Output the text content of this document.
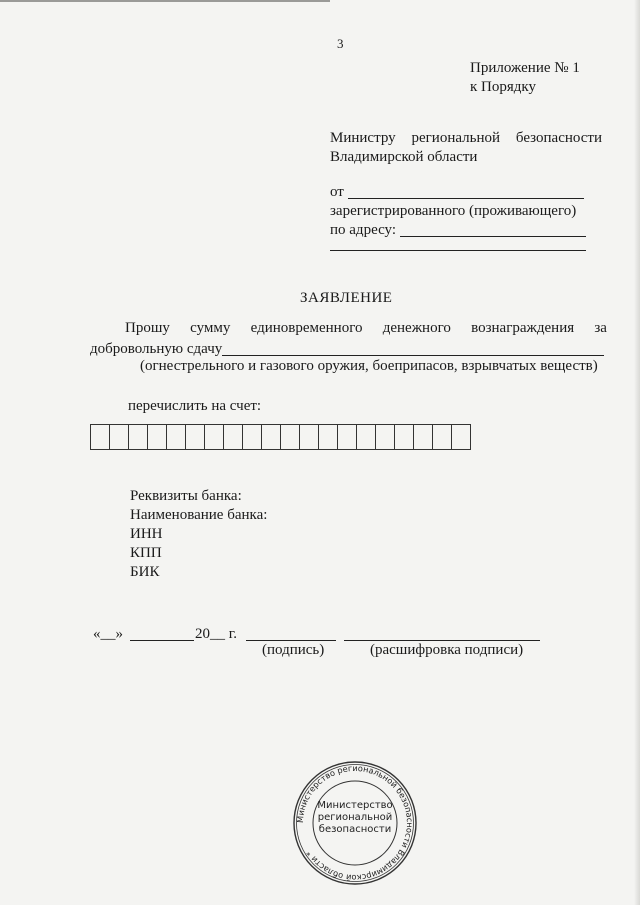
3
Приложение № 1
к Порядку
Министру региональной безопасности
Владимирской области
от
зарегистрированного (проживающего)
по адресу:
ЗАЯВЛЕНИЕ
Прошу сумму единовременного денежного вознаграждения за
добровольную сдачу
(огнестрельного и газового оружия, боеприпасов, взрывчатых веществ)
перечислить на счет:
Реквизиты банка:
Наименование банка:
ИНН
КПП
БИК
«__»	20__ г.
(подпись)	(расшифровка подписи)
Министерство региональной безопасности Владимирской области *
Министерство
региональной
безопасности
